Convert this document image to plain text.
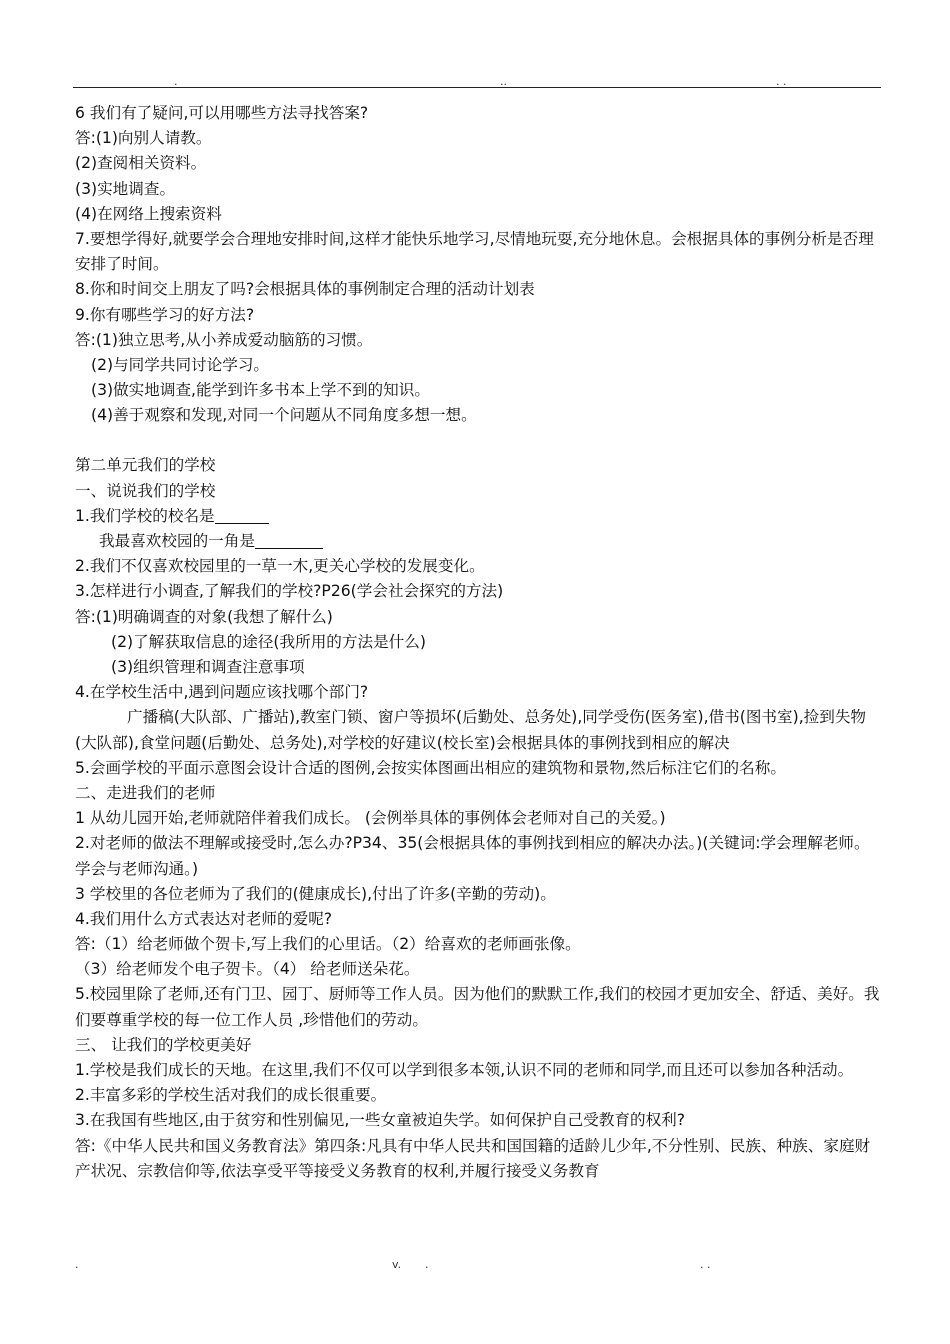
.	..	. .
6 我们有了疑问,可以用哪些方法寻找答案?
答:(1)向别人请教。
(2)查阅相关资料。
(3)实地调查。
(4)在网络上搜索资料
7.要想学得好,就要学会合理地安排时间,这样才能快乐地学习,尽情地玩耍,充分地休息。会根据具体的事例分析是否理安排了时间。
8.你和时间交上朋友了吗?会根据具体的事例制定合理的活动计划表
9.你有哪些学习的好方法?
答:(1)独立思考,从小养成爱动脑筋的习惯。
(2)与同学共同讨论学习。
(3)做实地调查,能学到许多书本上学不到的知识。
(4)善于观察和发现,对同一个问题从不同角度多想一想。
第二单元我们的学校
一、说说我们的学校
1.我们学校的校名是
我最喜欢校园的一角是
2.我们不仅喜欢校园里的一草一木,更关心学校的发展变化。
3.怎样进行小调查,了解我们的学校?P26(学会社会探究的方法)
答:(1)明确调查的对象(我想了解什么)
(2)了解获取信息的途径(我所用的方法是什么)
(3)组织管理和调查注意事项
4.在学校生活中,遇到问题应该找哪个部门?
广播稿(大队部、广播站),教室门锁、窗户等损坏(后勤处、总务处),同学受伤(医务室),借书(图书室),捡到失物(大队部),食堂问题(后勤处、总务处),对学校的好建议(校长室)会根据具体的事例找到相应的解决
5.会画学校的平面示意图会设计合适的图例,会按实体图画出相应的建筑物和景物,然后标注它们的名称。
二、走进我们的老师
1 从幼儿园开始,老师就陪伴着我们成长。 (会例举具体的事例体会老师对自己的关爱。)
2.对老师的做法不理解或接受时,怎么办?P34、35(会根据具体的事例找到相应的解决办法。)(关键词:学会理解老师。学会与老师沟通。)
3 学校里的各位老师为了我们的(健康成长),付出了许多(辛勤的劳动)。
4.我们用什么方式表达对老师的爱呢?
答:（1）给老师做个贺卡,写上我们的心里话。（2）给喜欢的老师画张像。
（3）给老师发个电子贺卡。（4） 给老师送朵花。
5.校园里除了老师,还有门卫、园丁、厨师等工作人员。因为他们的默默工作,我们的校园才更加安全、舒适、美好。我们要尊重学校的每一位工作人员 ,珍惜他们的劳动。
三、 让我们的学校更美好
1.学校是我们成长的天地。在这里,我们不仅可以学到很多本领,认识不同的老师和同学,而且还可以参加各种活动。
2.丰富多彩的学校生活对我们的成长很重要。
3.在我国有些地区,由于贫穷和性别偏见,一些女童被迫失学。如何保护自己受教育的权利?
答:《中华人民共和国义务教育法》第四条:凡具有中华人民共和国国籍的适龄儿少年,不分性别、民族、种族、家庭财产状况、宗教信仰等,依法享受平等接受义务教育的权利,并履行接受义务教育
.	v. .	. .
